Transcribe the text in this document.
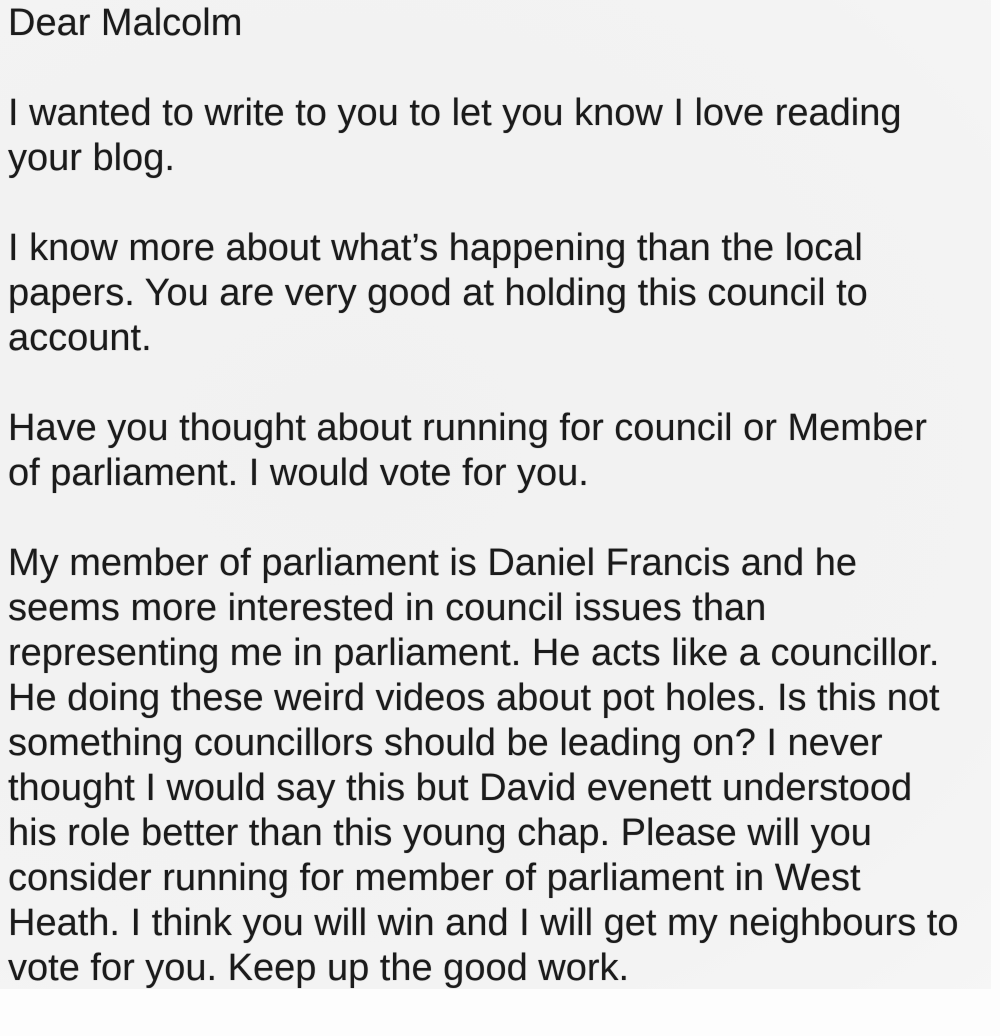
Dear Malcolm
I wanted to write to you to let you know I love reading
your blog.
I know more about what’s happening than the local
papers. You are very good at holding this council to
account.
Have you thought about running for council or Member
of parliament. I would vote for you.
My member of parliament is Daniel Francis and he
seems more interested in council issues than
representing me in parliament. He acts like a councillor.
He doing these weird videos about pot holes. Is this not
something councillors should be leading on? I never
thought I would say this but David evenett understood
his role better than this young chap. Please will you
consider running for member of parliament in West
Heath. I think you will win and I will get my neighbours to
vote for you. Keep up the good work.
